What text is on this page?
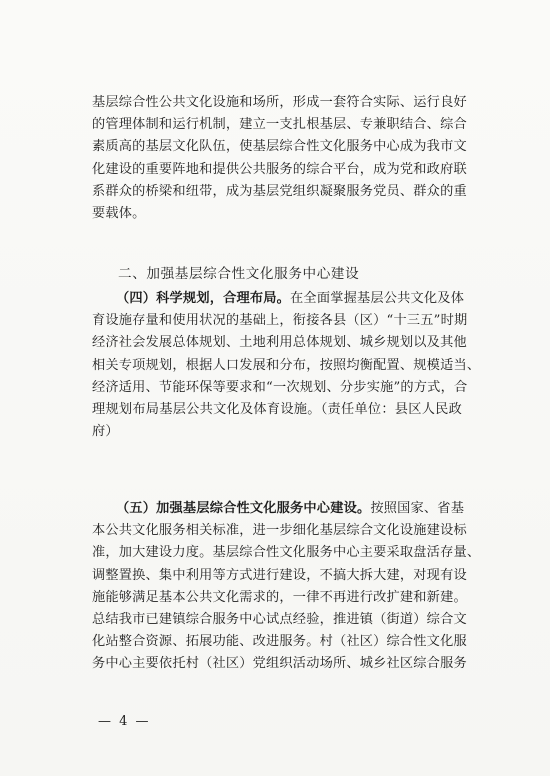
基层综合性公共文化设施和场所，形成一套符合实际、运行良好
的管理体制和运行机制，建立一支扎根基层、专兼职结合、综合
素质高的基层文化队伍，使基层综合性文化服务中心成为我市文
化建设的重要阵地和提供公共服务的综合平台，成为党和政府联
系群众的桥梁和纽带，成为基层党组织凝聚服务党员、群众的重
要载体。
二、加强基层综合性文化服务中心建设
（四）科学规划，合理布局。在全面掌握基层公共文化及体
育设施存量和使用状况的基础上，衔接各县（区）“十三五”时期
经济社会发展总体规划、土地利用总体规划、城乡规划以及其他
相关专项规划，根据人口发展和分布，按照均衡配置、规模适当、
经济适用、节能环保等要求和“一次规划、分步实施”的方式，合
理规划布局基层公共文化及体育设施。（责任单位：县区人民政
府）
（五）加强基层综合性文化服务中心建设。按照国家、省基
本公共文化服务相关标准，进一步细化基层综合文化设施建设标
准，加大建设力度。基层综合性文化服务中心主要采取盘活存量、
调整置换、集中利用等方式进行建设，不搞大拆大建，对现有设
施能够满足基本公共文化需求的，一律不再进行改扩建和新建。
总结我市已建镇综合服务中心试点经验，推进镇（街道）综合文
化站整合资源、拓展功能、改进服务。村（社区）综合性文化服
务中心主要依托村（社区）党组织活动场所、城乡社区综合服务
— 4 —
